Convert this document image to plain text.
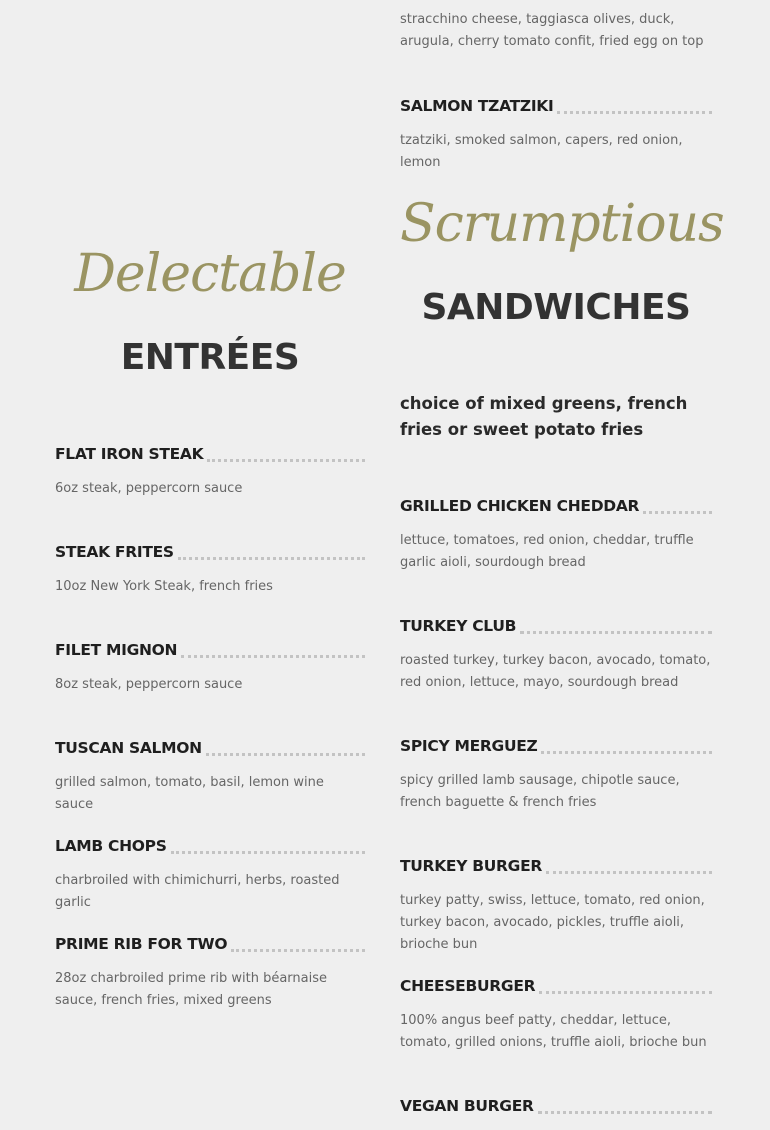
Delectable
ENTRÉES
FLAT IRON STEAK
6oz steak, peppercorn sauce
STEAK FRITES
10oz New York Steak, french fries
FILET MIGNON
8oz steak, peppercorn sauce
TUSCAN SALMON
grilled salmon, tomato, basil, lemon wine sauce
LAMB CHOPS
charbroiled with chimichurri, herbs, roasted garlic
PRIME RIB FOR TWO
28oz charbroiled prime rib with béarnaise sauce, french fries, mixed greens
stracchino cheese, taggiasca olives, duck, arugula, cherry tomato confit, fried egg on top
SALMON TZATZIKI
tzatziki, smoked salmon, capers, red onion, lemon
Scrumptious
SANDWICHES
choice of mixed greens, french fries or sweet potato fries
GRILLED CHICKEN CHEDDAR
lettuce, tomatoes, red onion, cheddar, truffle garlic aioli, sourdough bread
TURKEY CLUB
roasted turkey, turkey bacon, avocado, tomato, red onion, lettuce, mayo, sourdough bread
SPICY MERGUEZ
spicy grilled lamb sausage, chipotle sauce, french baguette & french fries
TURKEY BURGER
turkey patty, swiss, lettuce, tomato, red onion, turkey bacon, avocado, pickles, truffle aioli, brioche bun
CHEESEBURGER
100% angus beef patty, cheddar, lettuce, tomato, grilled onions, truffle aioli, brioche bun
VEGAN BURGER
